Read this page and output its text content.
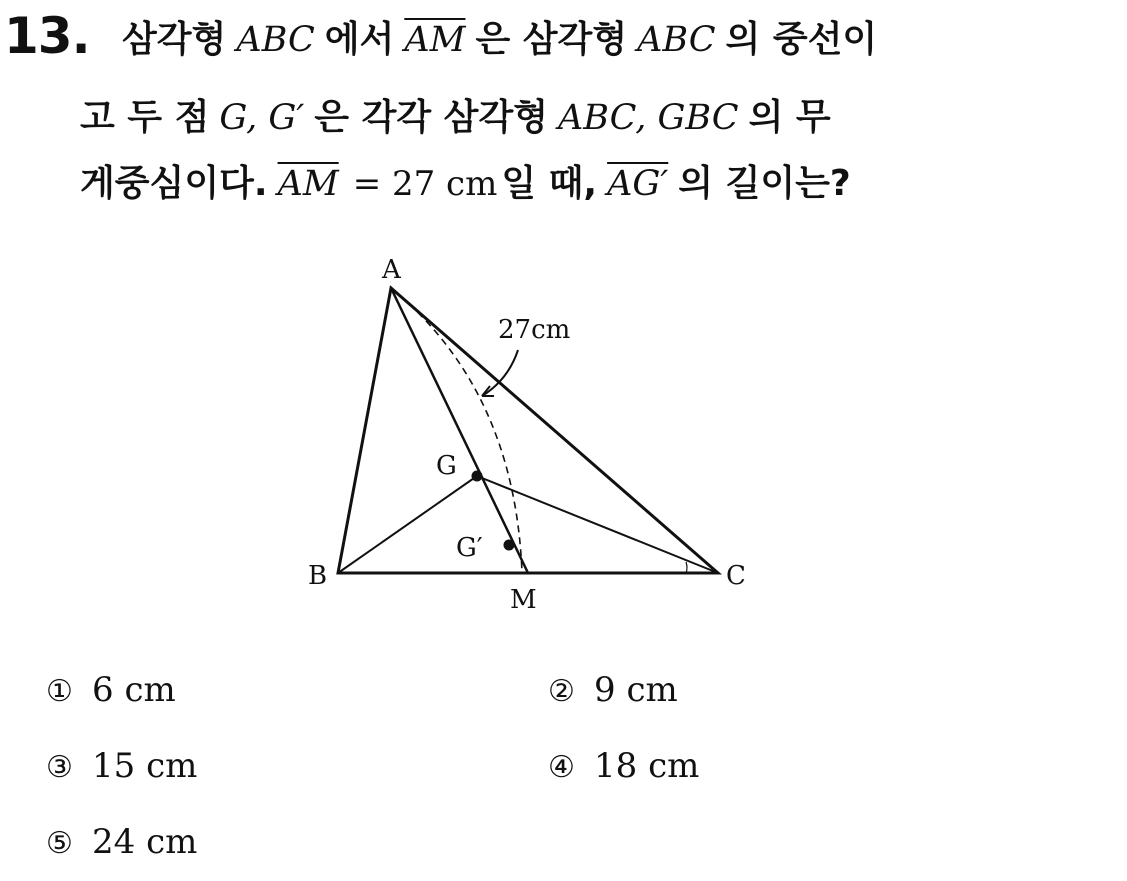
13. 삼각형 ABC 에서 $\overline{AM}$ 은 삼각형 ABC 의 중선이
고 두 점 G, G′ 은 각각 삼각형 ABC, GBC 의 무
게중심이다. $\overline{AM} = 27$ cm 일 때, AG′ 의 길이는?
A
B	C
G
G′
M
27cm
① 6 cm	② 9 cm
③ 15 cm	④ 18 cm
⑤ 24 cm
